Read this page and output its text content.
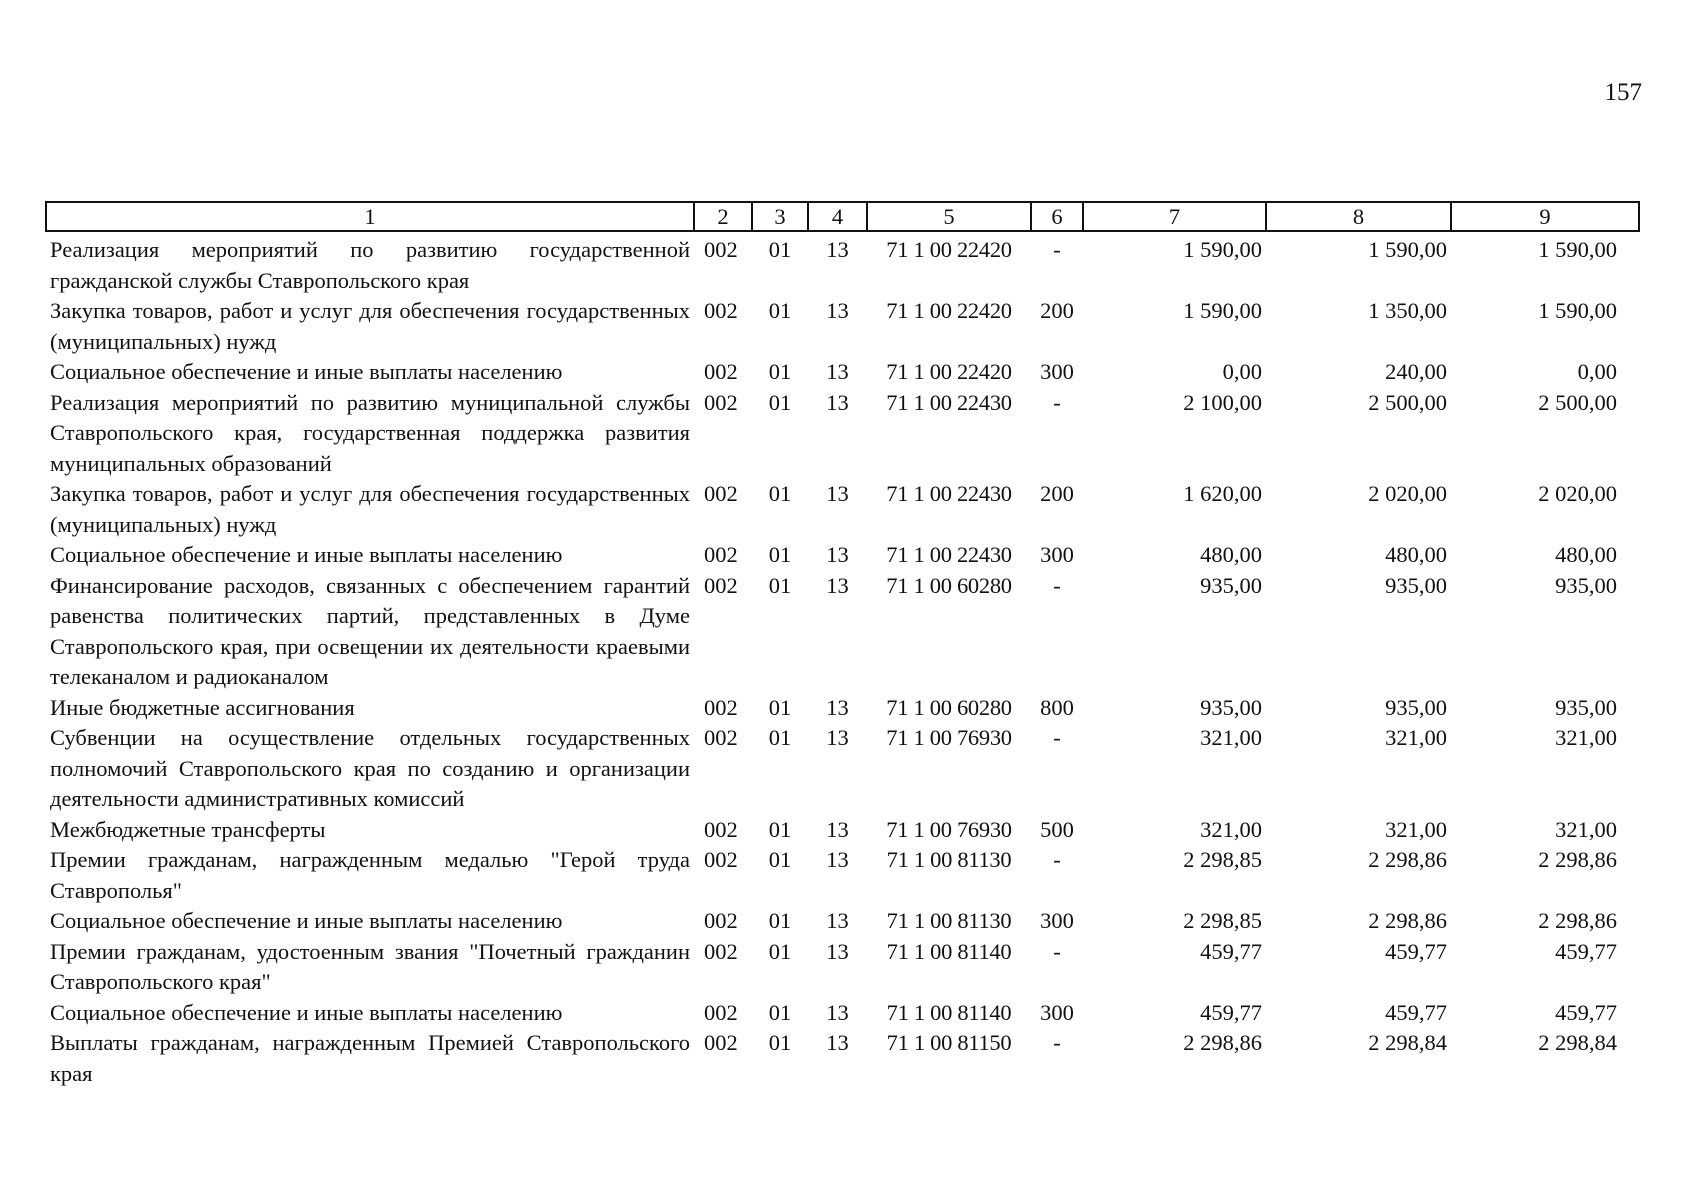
157
1	2	3	4	5	6	7	8	9
Реализация мероприятий по развитию государственной гражданской службы Ставропольского края	002	01	13	71 1 00 22420	-	1 590,00	1 590,00	1 590,00
Закупка товаров, работ и услуг для обеспечения государственных (муниципальных) нужд	002	01	13	71 1 00 22420	200	1 590,00	1 350,00	1 590,00
Социальное обеспечение и иные выплаты населению	002	01	13	71 1 00 22420	300	0,00	240,00	0,00
Реализация мероприятий по развитию муниципальной службы Ставропольского края, государственная поддержка развития муниципальных образований	002	01	13	71 1 00 22430	-	2 100,00	2 500,00	2 500,00
Закупка товаров, работ и услуг для обеспечения государственных (муниципальных) нужд	002	01	13	71 1 00 22430	200	1 620,00	2 020,00	2 020,00
Социальное обеспечение и иные выплаты населению	002	01	13	71 1 00 22430	300	480,00	480,00	480,00
Финансирование расходов, связанных с обеспечением гарантий равенства политических партий, представленных в Думе Ставропольского края, при освещении их деятельности краевыми телеканалом и радиоканалом	002	01	13	71 1 00 60280	-	935,00	935,00	935,00
Иные бюджетные ассигнования	002	01	13	71 1 00 60280	800	935,00	935,00	935,00
Субвенции на осуществление отдельных государственных полномочий Ставропольского края по созданию и организации деятельности административных комиссий	002	01	13	71 1 00 76930	-	321,00	321,00	321,00
Межбюджетные трансферты	002	01	13	71 1 00 76930	500	321,00	321,00	321,00
Премии гражданам, награжденным медалью "Герой труда Ставрополья"	002	01	13	71 1 00 81130	-	2 298,85	2 298,86	2 298,86
Социальное обеспечение и иные выплаты населению	002	01	13	71 1 00 81130	300	2 298,85	2 298,86	2 298,86
Премии гражданам, удостоенным звания "Почетный гражданин Ставропольского края"	002	01	13	71 1 00 81140	-	459,77	459,77	459,77
Социальное обеспечение и иные выплаты населению	002	01	13	71 1 00 81140	300	459,77	459,77	459,77
Выплаты гражданам, награжденным Премией Ставропольского края	002	01	13	71 1 00 81150	-	2 298,86	2 298,84	2 298,84
